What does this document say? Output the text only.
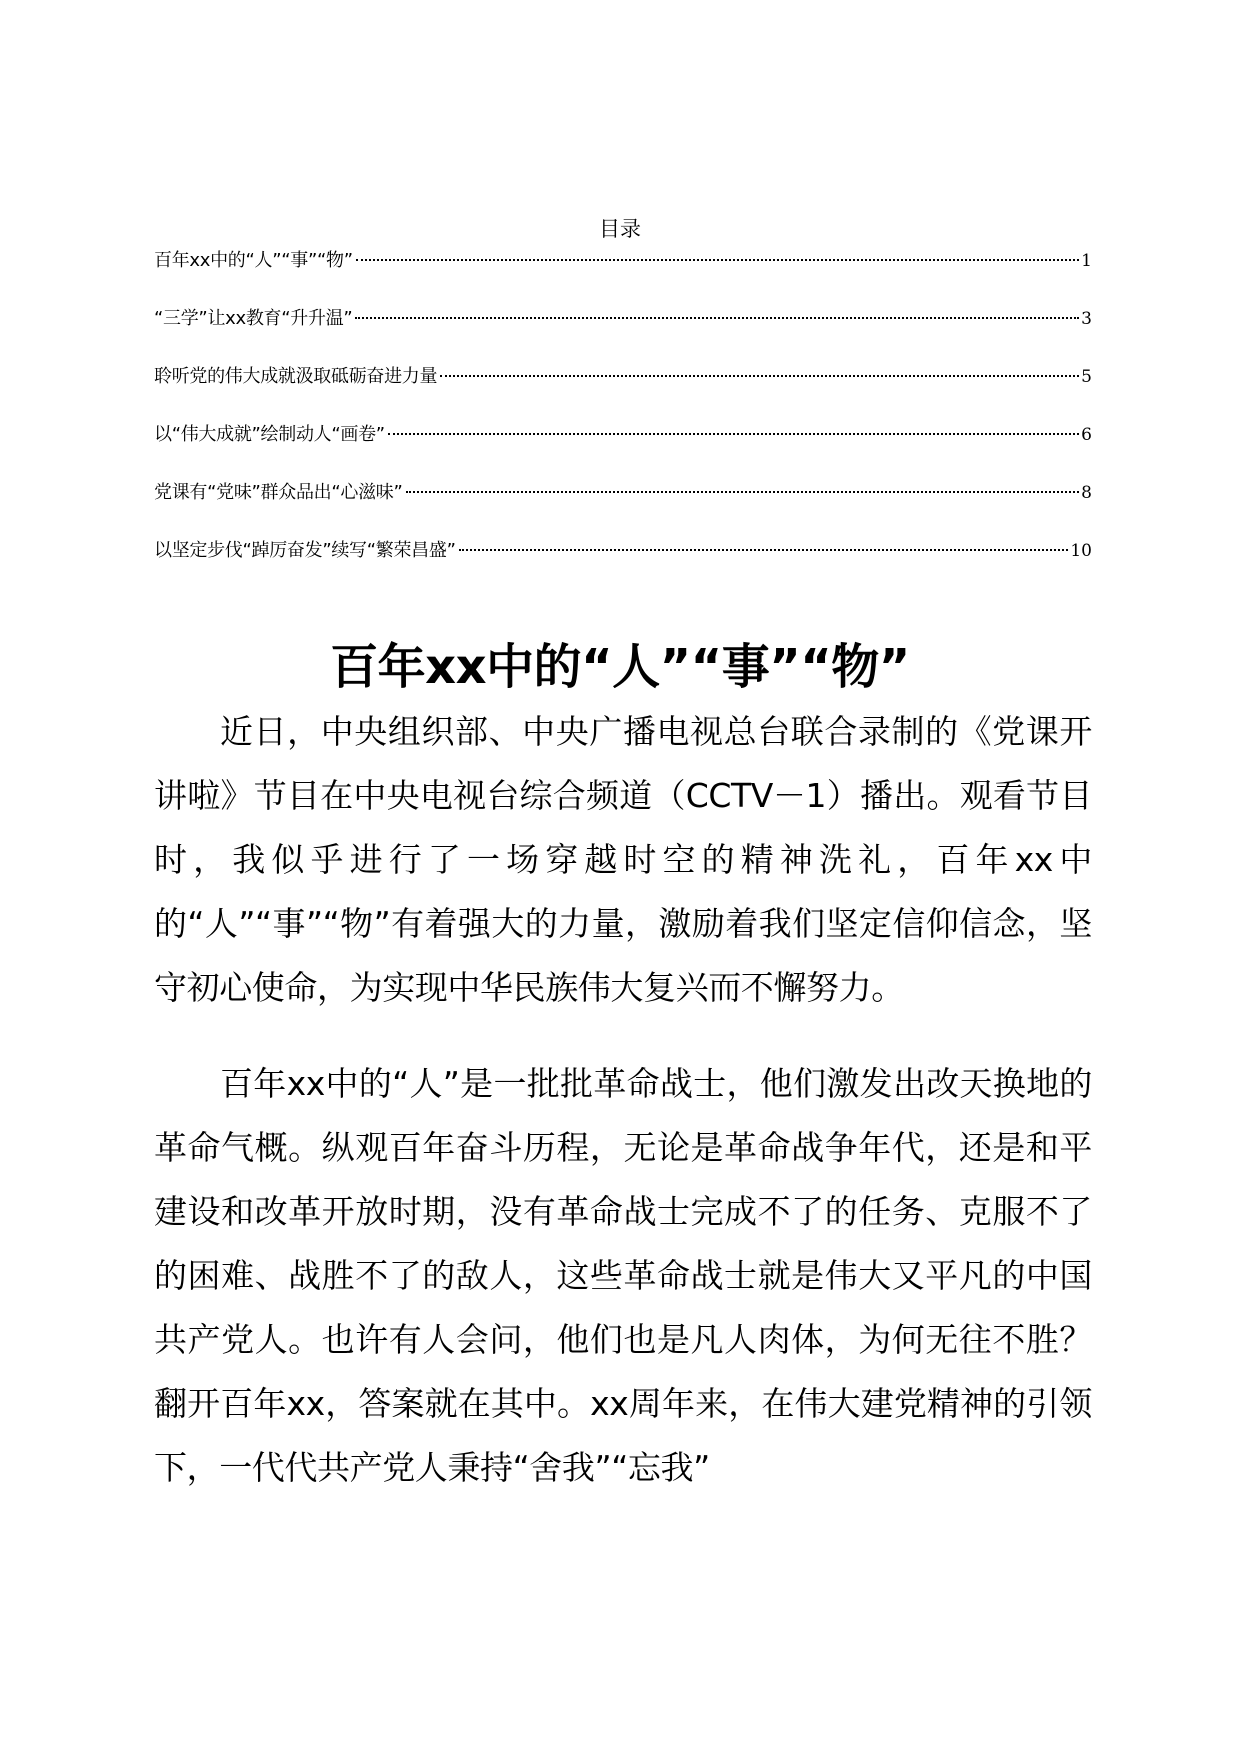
目录
百年xx中的“人”“事”“物”	1
“三学”让xx教育“升升温”	3
聆听党的伟大成就汲取砥砺奋进力量	5
以“伟大成就”绘制动人“画卷”	6
党课有“党味”群众品出“心滋味”	8
以坚定步伐“踔厉奋发”续写“繁荣昌盛”	10
百年xx中的“人”“事”“物”

近日，中央组织部、中央广播电视总台联合录制的《党课开讲啦》节目在中央电视台综合频道（CCTV－1）播出。观看节目时，我似乎进行了一场穿越时空的精神洗礼，百年xx中的“人”“事”“物”有着强大的力量，激励着我们坚定信仰信念，坚守初心使命，为实现中华民族伟大复兴而不懈努力。

百年xx中的“人”是一批批革命战士，他们激发出改天换地的革命气概。纵观百年奋斗历程，无论是革命战争年代，还是和平建设和改革开放时期，没有革命战士完成不了的任务、克服不了的困难、战胜不了的敌人，这些革命战士就是伟大又平凡的中国共产党人。也许有人会问，他们也是凡人肉体，为何无往不胜？翻开百年xx，答案就在其中。xx周年来，在伟大建党精神的引领下，一代代共产党人秉持“舍我”“忘我”
